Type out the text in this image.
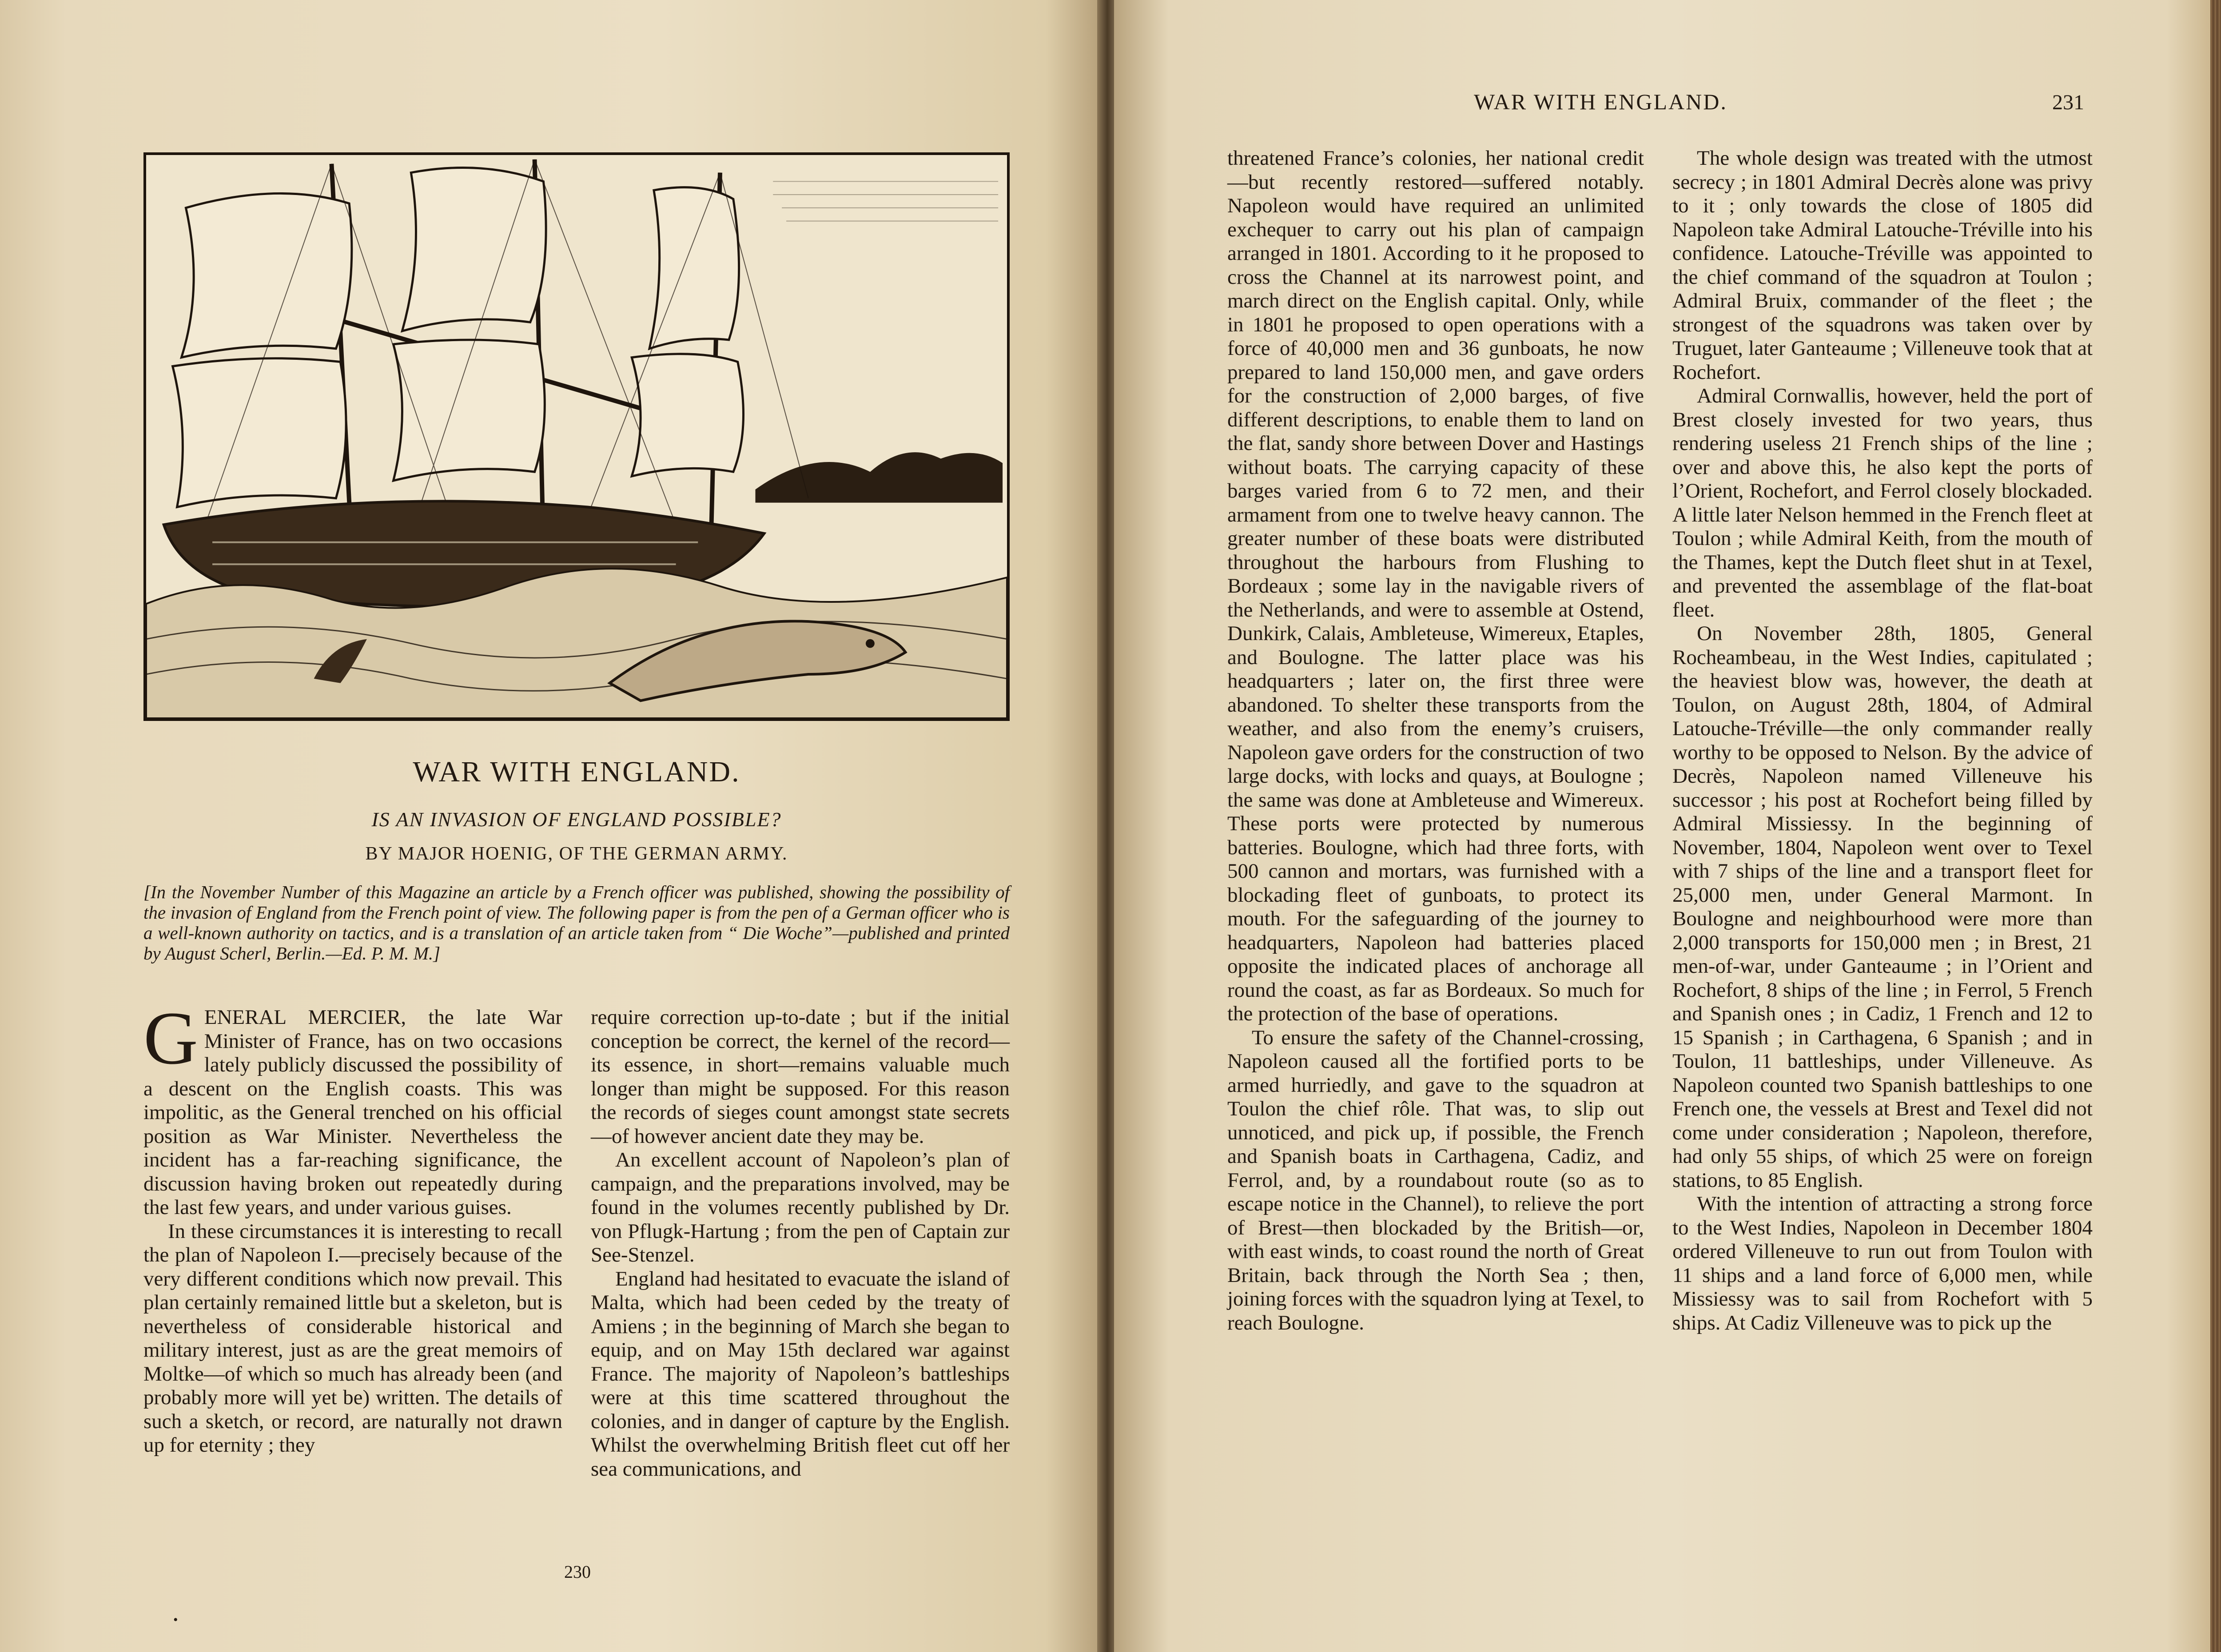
WAR WITH ENGLAND.
IS AN INVASION OF ENGLAND POSSIBLE?
BY MAJOR HOENIG, OF THE GERMAN ARMY.
[In the November Number of this Magazine an article by a French officer was published, showing the possibility of the invasion of England from the French point of view. The following paper is from the pen of a German officer who is a well-known authority on tactics, and is a translation of an article taken from “ Die Woche”—published and printed by August Scherl, Berlin.—Ed. P. M. M.]
G ENERAL MERCIER, the late War Minister of France, has on two occasions lately publicly discussed the possibility of a descent on the English coasts. This was impolitic, as the General trenched on his official position as War Minister. Nevertheless the incident has a far-reaching significance, the discussion having broken out repeatedly during the last few years, and under various guises.
In these circumstances it is interesting to recall the plan of Napoleon I.—precisely because of the very different conditions which now prevail. This plan certainly remained little but a skeleton, but is nevertheless of considerable historical and military interest, just as are the great memoirs of Moltke—of which so much has already been (and probably more will yet be) written. The details of such a sketch, or record, are naturally not drawn up for eternity ; they
require correction up-to-date ; but if the initial conception be correct, the kernel of the record—its essence, in short—remains valuable much longer than might be supposed. For this reason the records of sieges count amongst state secrets—of however ancient date they may be.
An excellent account of Napoleon’s plan of campaign, and the preparations involved, may be found in the volumes recently published by Dr. von Pflugk-Hartung ; from the pen of Captain zur See-Stenzel.
England had hesitated to evacuate the island of Malta, which had been ceded by the treaty of Amiens ; in the beginning of March she began to equip, and on May 15th declared war against France. The majority of Napoleon’s battleships were at this time scattered throughout the colonies, and in danger of capture by the English. Whilst the overwhelming British fleet cut off her sea communications, and
230
WAR WITH ENGLAND.	231
threatened France’s colonies, her national credit—but recently restored—suffered notably. Napoleon would have required an unlimited exchequer to carry out his plan of campaign arranged in 1801. According to it he proposed to cross the Channel at its narrowest point, and march direct on the English capital. Only, while in 1801 he proposed to open operations with a force of 40,000 men and 36 gunboats, he now prepared to land 150,000 men, and gave orders for the construction of 2,000 barges, of five different descriptions, to enable them to land on the flat, sandy shore between Dover and Hastings without boats. The carrying capacity of these barges varied from 6 to 72 men, and their armament from one to twelve heavy cannon. The greater number of these boats were distributed throughout the harbours from Flushing to Bordeaux ; some lay in the navigable rivers of the Netherlands, and were to assemble at Ostend, Dunkirk, Calais, Ambleteuse, Wimereux, Etaples, and Boulogne. The latter place was his headquarters ; later on, the first three were abandoned. To shelter these transports from the weather, and also from the enemy’s cruisers, Napoleon gave orders for the construction of two large docks, with locks and quays, at Boulogne ; the same was done at Ambleteuse and Wimereux. These ports were protected by numerous batteries. Boulogne, which had three forts, with 500 cannon and mortars, was furnished with a blockading fleet of gunboats, to protect its mouth. For the safeguarding of the journey to headquarters, Napoleon had batteries placed opposite the indicated places of anchorage all round the coast, as far as Bordeaux. So much for the protection of the base of operations.
To ensure the safety of the Channel-crossing, Napoleon caused all the fortified ports to be armed hurriedly, and gave to the squadron at Toulon the chief rôle. That was, to slip out unnoticed, and pick up, if possible, the French and Spanish boats in Carthagena, Cadiz, and Ferrol, and, by a roundabout route (so as to escape notice in the Channel), to relieve the port of Brest—then blockaded by the British—or, with east winds, to coast round the north of Great Britain, back through the North Sea ; then, joining forces with the squadron lying at Texel, to reach Boulogne.
The whole design was treated with the utmost secrecy ; in 1801 Admiral Decrès alone was privy to it ; only towards the close of 1805 did Napoleon take Admiral Latouche-Tréville into his confidence. Latouche-Tréville was appointed to the chief command of the squadron at Toulon ; Admiral Bruix, commander of the fleet ; the strongest of the squadrons was taken over by Truguet, later Ganteaume ; Villeneuve took that at Rochefort.
Admiral Cornwallis, however, held the port of Brest closely invested for two years, thus rendering useless 21 French ships of the line ; over and above this, he also kept the ports of l’Orient, Rochefort, and Ferrol closely blockaded. A little later Nelson hemmed in the French fleet at Toulon ; while Admiral Keith, from the mouth of the Thames, kept the Dutch fleet shut in at Texel, and prevented the assemblage of the flat-boat fleet.
On November 28th, 1805, General Rocheambeau, in the West Indies, capitulated ; the heaviest blow was, however, the death at Toulon, on August 28th, 1804, of Admiral Latouche-Tréville—the only commander really worthy to be opposed to Nelson. By the advice of Decrès, Napoleon named Villeneuve his successor ; his post at Rochefort being filled by Admiral Missiessy. In the beginning of November, 1804, Napoleon went over to Texel with 7 ships of the line and a transport fleet for 25,000 men, under General Marmont. In Boulogne and neighbourhood were more than 2,000 transports for 150,000 men ; in Brest, 21 men-of-war, under Ganteaume ; in l’Orient and Rochefort, 8 ships of the line ; in Ferrol, 5 French and Spanish ones ; in Cadiz, 1 French and 12 to 15 Spanish ; in Carthagena, 6 Spanish ; and in Toulon, 11 battleships, under Villeneuve. As Napoleon counted two Spanish battleships to one French one, the vessels at Brest and Texel did not come under consideration ; Napoleon, therefore, had only 55 ships, of which 25 were on foreign stations, to 85 English.
With the intention of attracting a strong force to the West Indies, Napoleon in December 1804 ordered Villeneuve to run out from Toulon with 11 ships and a land force of 6,000 men, while Missiessy was to sail from Rochefort with 5 ships. At Cadiz Villeneuve was to pick up the
•
